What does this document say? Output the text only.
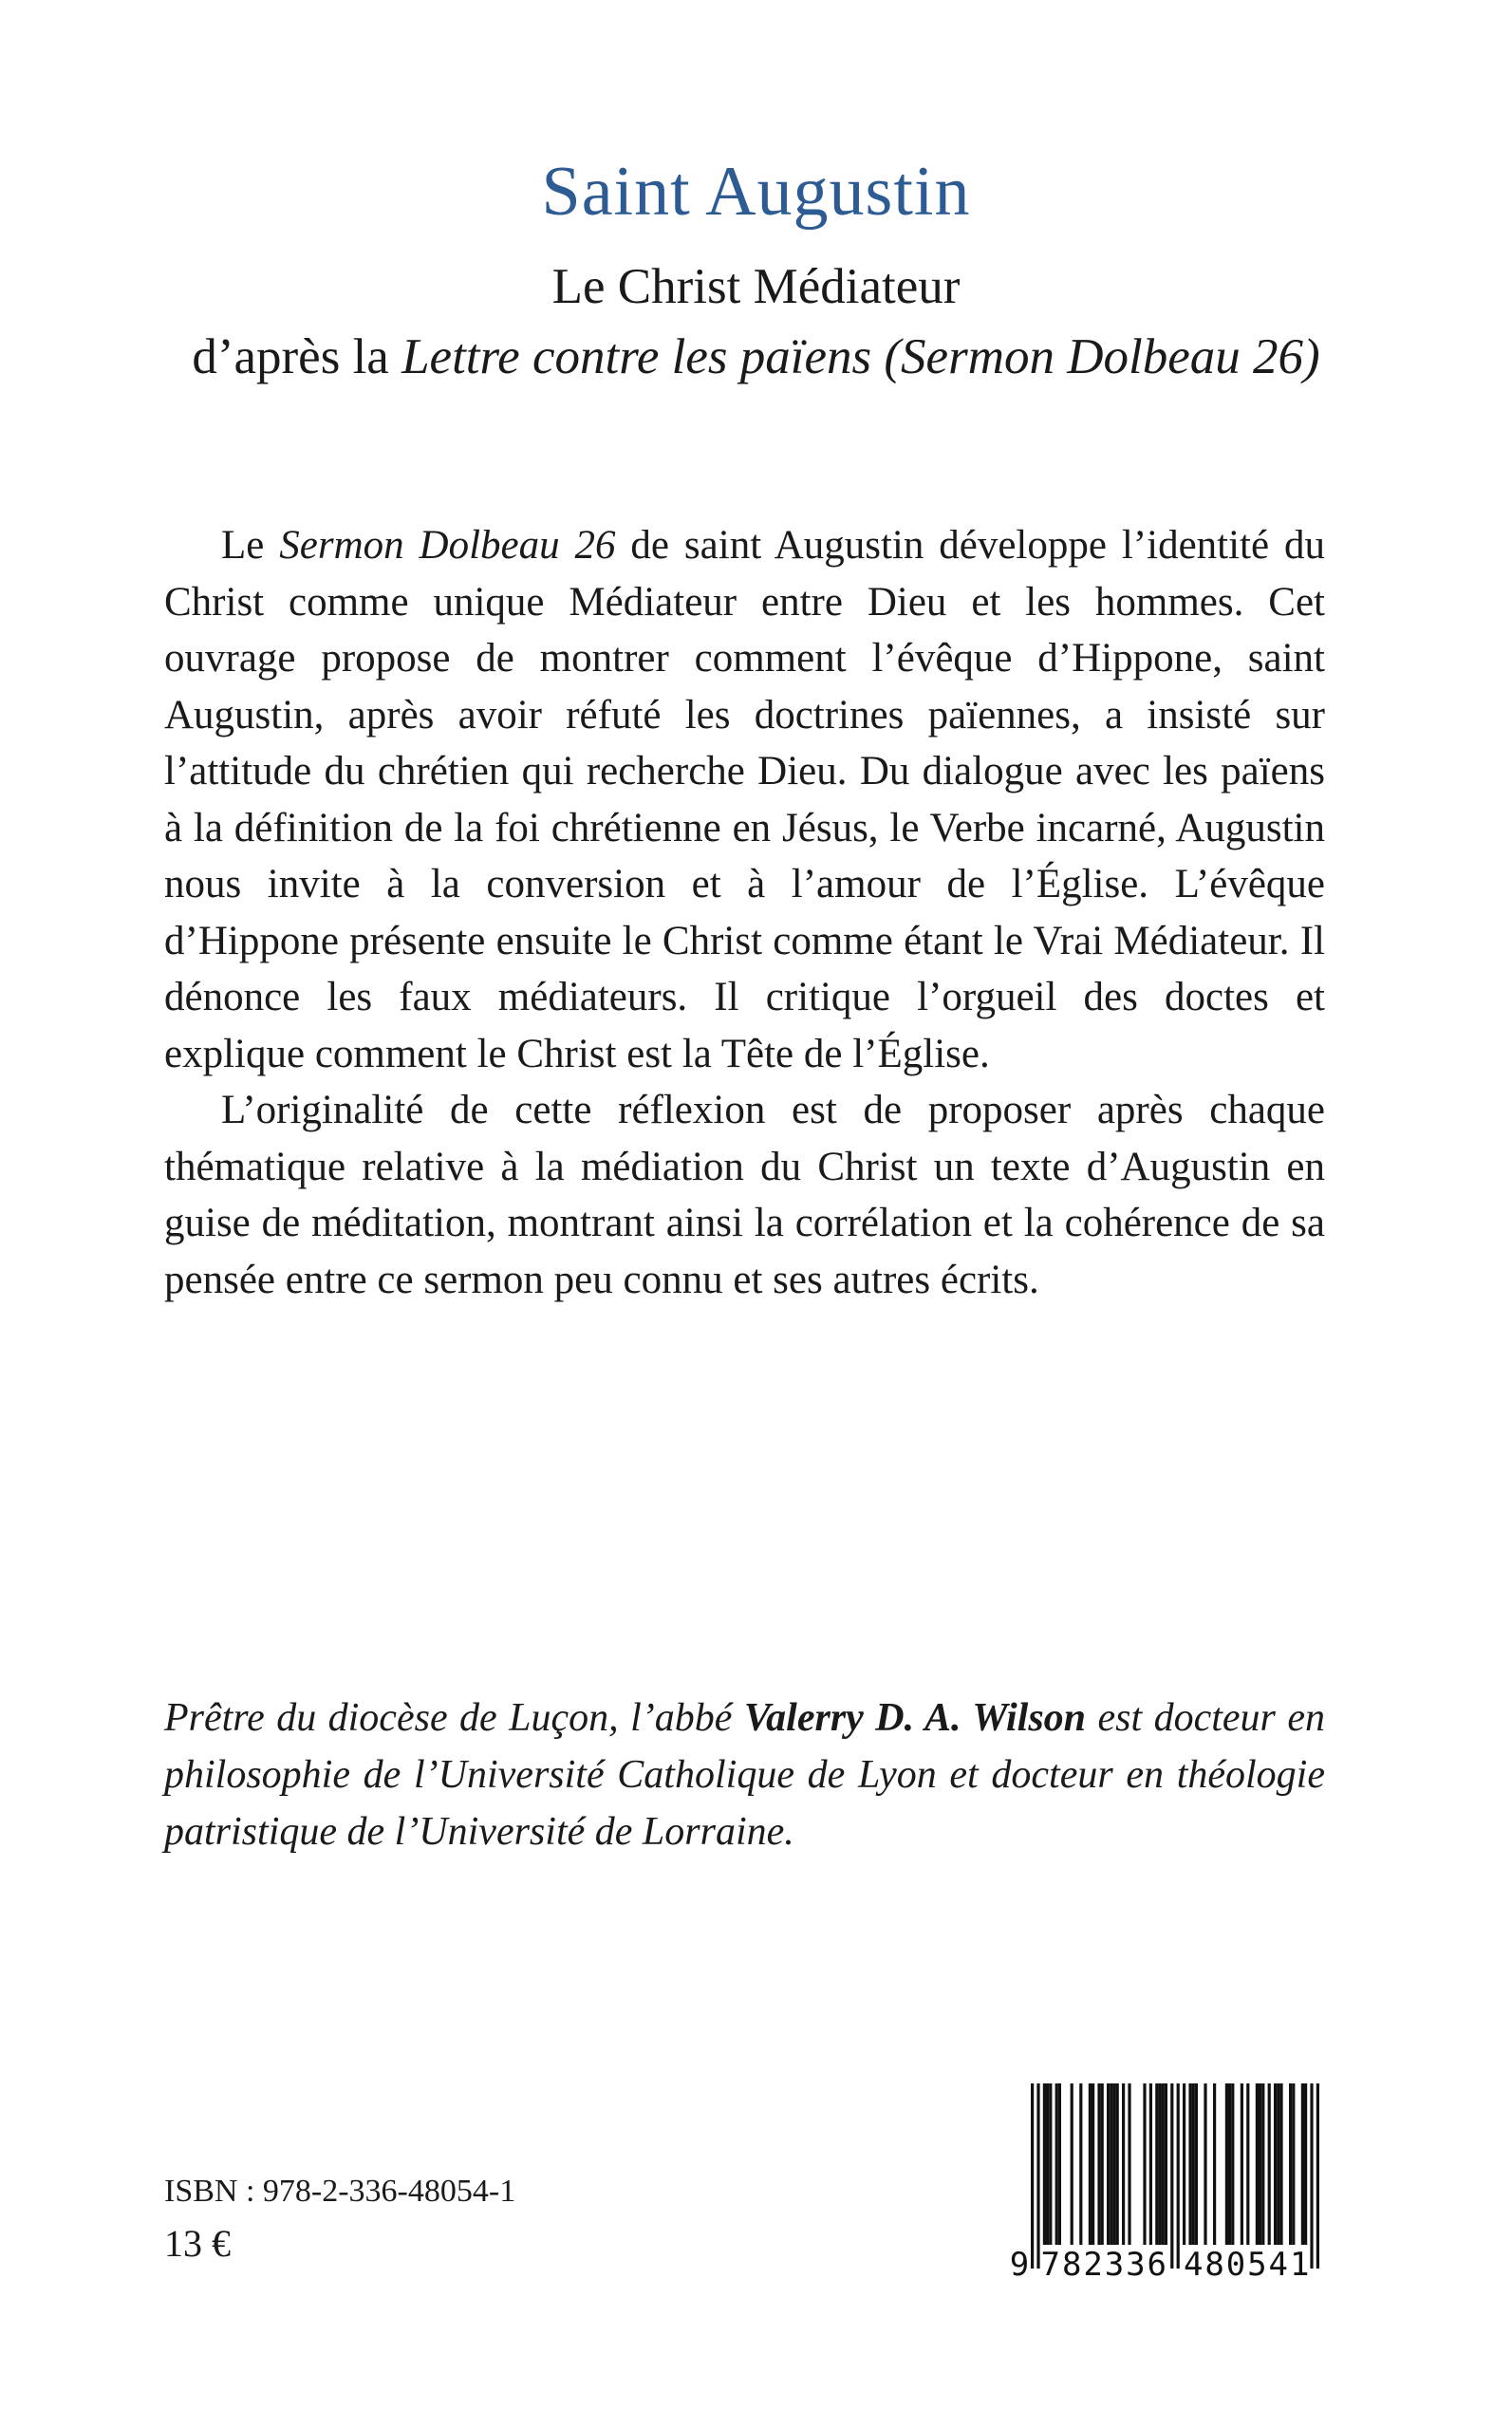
Saint Augustin
Le Christ Médiateur
d’après la Lettre contre les païens (Sermon Dolbeau 26)

Le Sermon Dolbeau 26 de saint Augustin développe l’identité du Christ comme unique Médiateur entre Dieu et les hommes. Cet ouvrage propose de montrer comment l’évêque d’Hippone, saint Augustin, après avoir réfuté les doctrines païennes, a insisté sur l’attitude du chrétien qui recherche Dieu. Du dialogue avec les païens à la définition de la foi chrétienne en Jésus, le Verbe incarné, Augustin nous invite à la conversion et à l’amour de l’Église. L’évêque d’Hippone présente ensuite le Christ comme étant le Vrai Médiateur. Il dénonce les faux médiateurs. Il critique l’orgueil des doctes et explique comment le Christ est la Tête de l’Église.

L’originalité de cette réflexion est de proposer après chaque thématique relative à la médiation du Christ un texte d’Augustin en guise de méditation, montrant ainsi la corrélation et la cohérence de sa pensée entre ce sermon peu connu et ses autres écrits.

Prêtre du diocèse de Luçon, l’abbé Valerry D. A. Wilson est docteur en philosophie de l’Université Catholique de Lyon et docteur en théologie patristique de l’Université de Lorraine.
ISBN : 978-2-336-48054-1
13 €	9 7 8 2 3 3 6 4 8 0 5 4 1
